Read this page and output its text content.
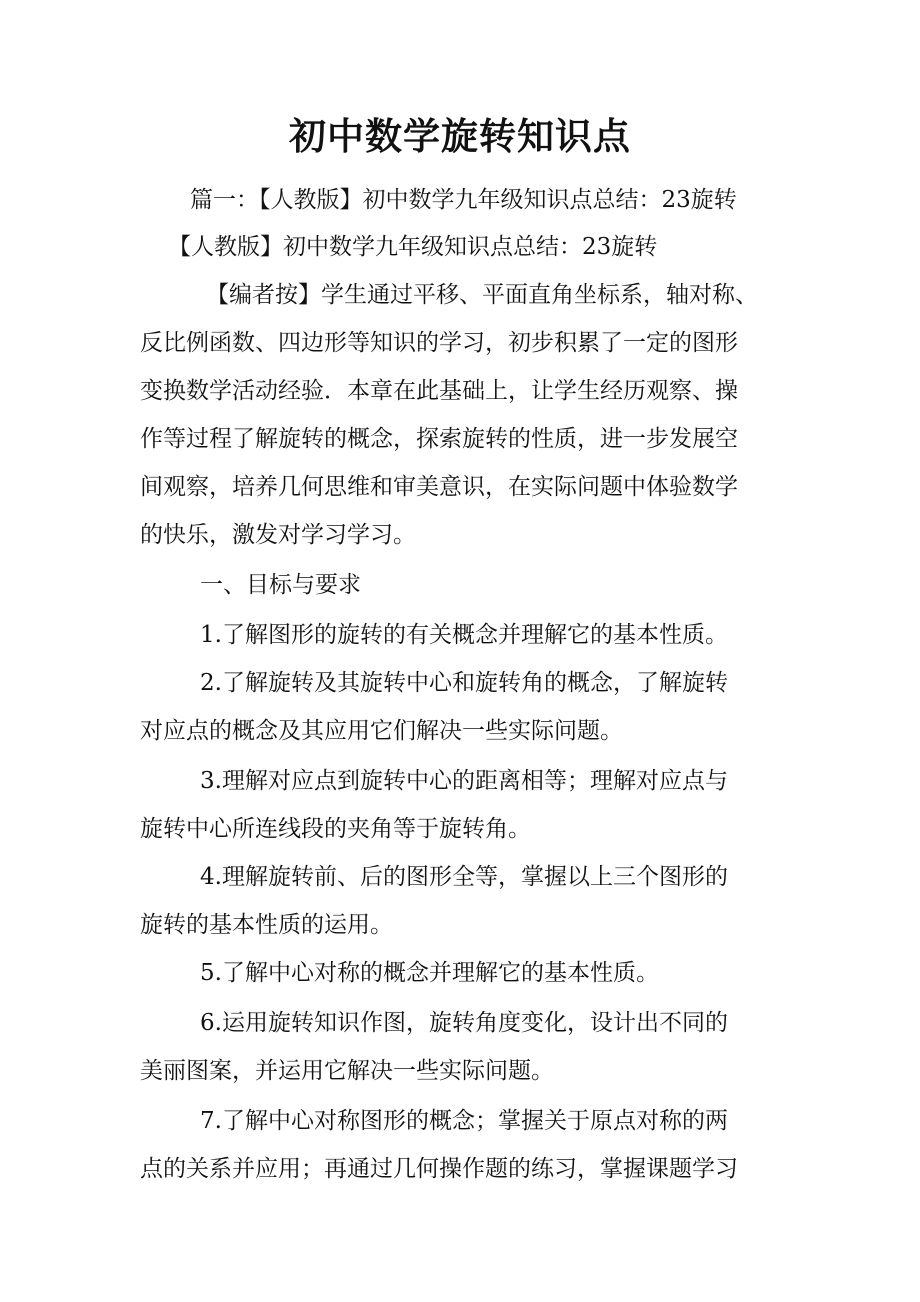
初中数学旋转知识点
篇一：【人教版】初中数学九年级知识点总结：23旋转
【人教版】初中数学九年级知识点总结：23旋转
【编者按】学生通过平移、平面直角坐标系，轴对称、
反比例函数、四边形等知识的学习，初步积累了一定的图形
变换数学活动经验．本章在此基础上，让学生经历观察、操
作等过程了解旋转的概念，探索旋转的性质，进一步发展空
间观察，培养几何思维和审美意识，在实际问题中体验数学
的快乐，激发对学习学习。
一、目标与要求
1.了解图形的旋转的有关概念并理解它的基本性质。
2.了解旋转及其旋转中心和旋转角的概念，了解旋转
对应点的概念及其应用它们解决一些实际问题。
3.理解对应点到旋转中心的距离相等；理解对应点与
旋转中心所连线段的夹角等于旋转角。
4.理解旋转前、后的图形全等，掌握以上三个图形的
旋转的基本性质的运用。
5.了解中心对称的概念并理解它的基本性质。
6.运用旋转知识作图，旋转角度变化，设计出不同的
美丽图案，并运用它解决一些实际问题。
7.了解中心对称图形的概念；掌握关于原点对称的两
点的关系并应用；再通过几何操作题的练习，掌握课题学习
